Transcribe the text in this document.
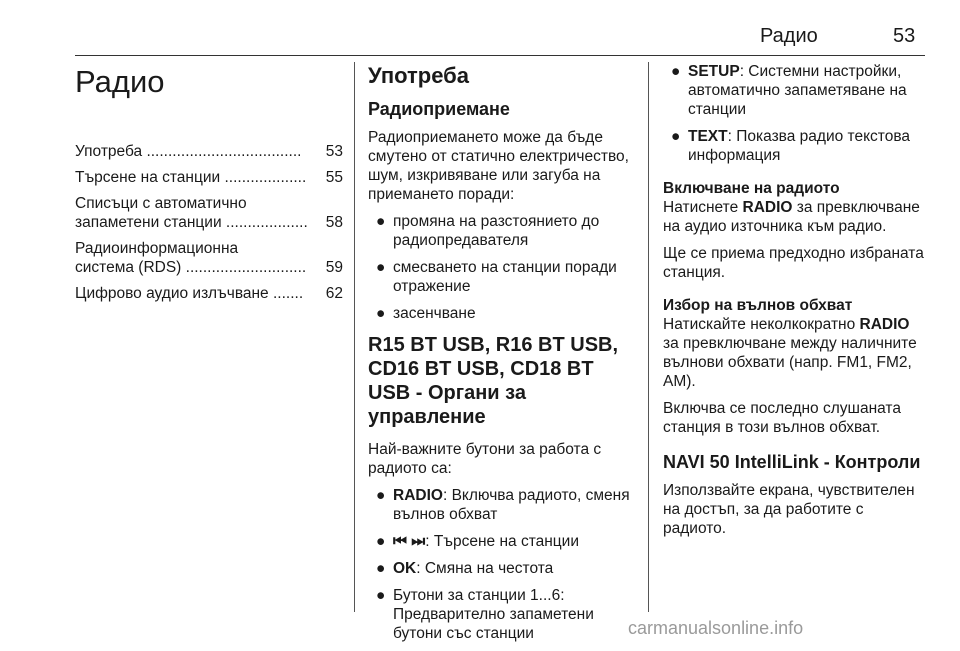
Радио	53
Радио
Употреба ....................................	53
Търсене на станции ...................	55
Списъци с автоматично
запаметени станции ...................	58
Радиоинформационна
система (RDS) ............................	59
Цифрово аудио излъчване .......	62
Употреба
Радиоприемане
Радиоприемането може да бъде смутено от статично електричество, шум, изкривяване или загуба на приемането поради:
● промяна на разстоянието до радиопредавателя
● смесването на станции поради отражение
● засенчване
R15 BT USB, R16 BT USB, CD16 BT USB, CD18 BT USB - Органи за управление
Най-важните бутони за работа с радиото са:
● RADIO: Включва радиото, сменя вълнов обхват
● ⏮ ⏭: Търсене на станции
● OK: Смяна на честота
● Бутони за станции 1...6: Предварително запаметени бутони със станции
● SETUP: Системни настройки, автоматично запаметяване на станции
● TEXT: Показва радио текстова информация
Включване на радиото
Натиснете RADIO за превключване на аудио източника към радио.
Ще се приема предходно избраната станция.
Избор на вълнов обхват
Натискайте неколкократно RADIO за превключване между наличните вълнови обхвати (напр. FM1, FM2, AM).
Включва се последно слушаната станция в този вълнов обхват.
NAVI 50 IntelliLink - Контроли
Използвайте екрана, чувствителен на достъп, за да работите с радиото.
carmanualsonline.info
